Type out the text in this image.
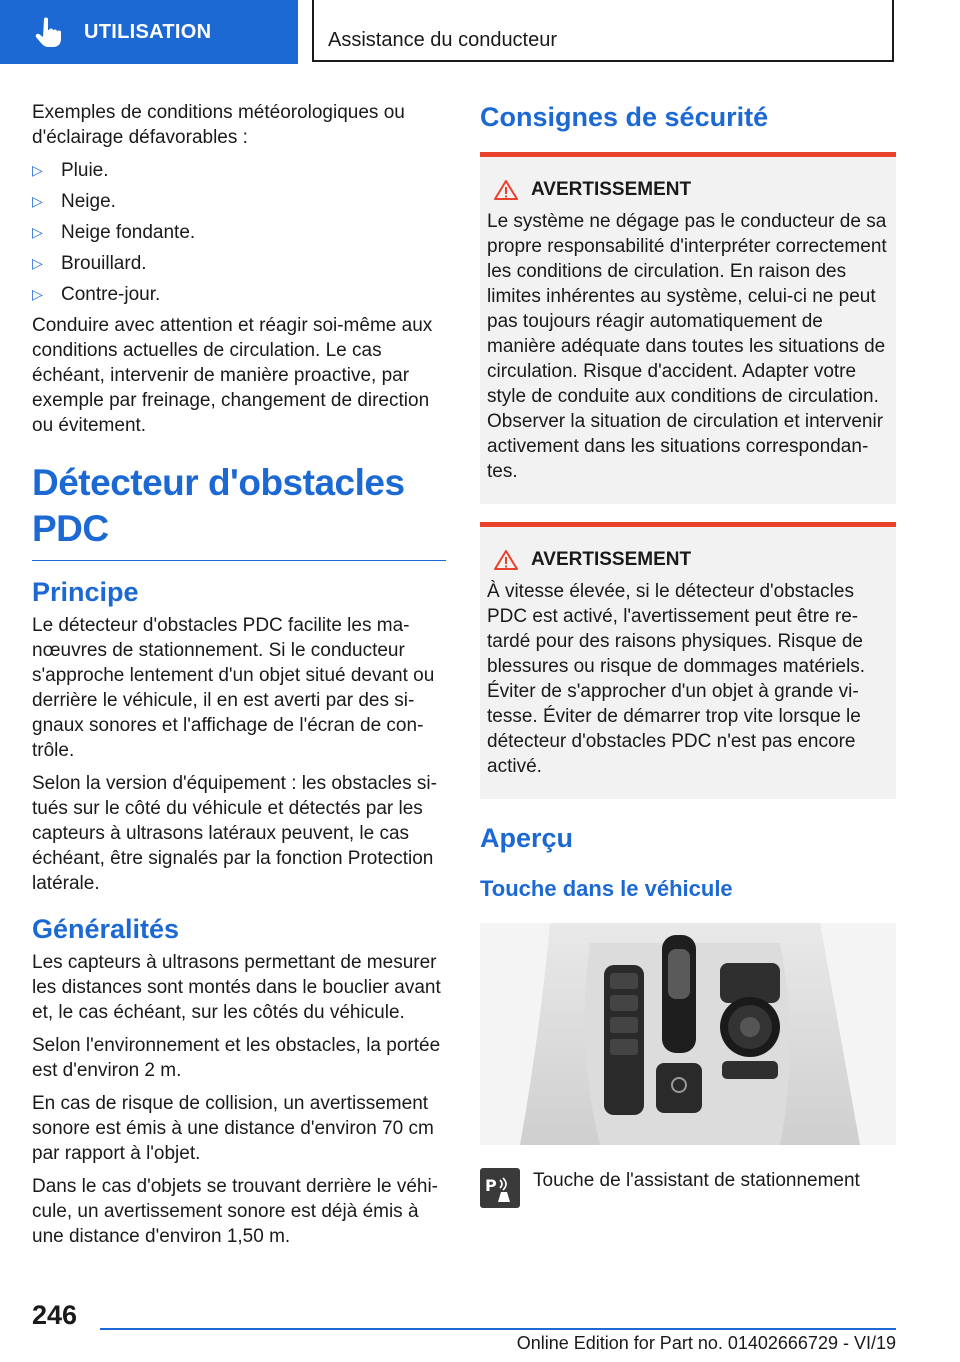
UTILISATION	Assistance du conducteur

Exemples de conditions météorologiques ou d'éclairage défavorables :

▷ Pluie.
▷ Neige.
▷ Neige fondante.
▷ Brouillard.
▷ Contre-jour.

Conduire avec attention et réagir soi-même aux conditions actuelles de circulation. Le cas échéant, intervenir de manière proactive, par exemple par freinage, changement de direction ou évitement.

Détecteur d'obstacles PDC
Principe

Le détecteur d'obstacles PDC facilite les manœuvres de stationnement. Si le conducteur s'approche lentement d'un objet situé devant ou derrière le véhicule, il en est averti par des signaux sonores et l'affichage de l'écran de contrôle.

Selon la version d'équipement : les obstacles situés sur le côté du véhicule et détectés par les capteurs à ultrasons latéraux peuvent, le cas échéant, être signalés par la fonction Protection latérale.

Généralités

Les capteurs à ultrasons permettant de mesurer les distances sont montés dans le bouclier avant et, le cas échéant, sur les côtés du véhicule.

Selon l'environnement et les obstacles, la portée est d'environ 2 m.

En cas de risque de collision, un avertissement sonore est émis à une distance d'environ 70 cm par rapport à l'objet.

Dans le cas d'objets se trouvant derrière le véhicule, un avertissement sonore est déjà émis à une distance d'environ 1,50 m.

Consignes de sécurité
AVERTISSEMENT

Le système ne dégage pas le conducteur de sa propre responsabilité d'interpréter correctement les conditions de circulation. En raison des limites inhérentes au système, celui-ci ne peut pas toujours réagir automatiquement de manière adéquate dans toutes les situations de circulation. Risque d'accident. Adapter votre style de conduite aux conditions de circulation. Observer la situation de circulation et intervenir activement dans les situations correspondantes.

AVERTISSEMENT

À vitesse élevée, si le détecteur d'obstacles PDC est activé, l'avertissement peut être retardé pour des raisons physiques. Risque de blessures ou risque de dommages matériels. Éviter de s'approcher d'un objet à grande vitesse. Éviter de démarrer trop vite lorsque le détecteur d'obstacles PDC n'est pas encore activé.

Aperçu
Touche dans le véhicule
P Touche de l'assistant de stationnement
246
Online Edition for Part no. 01402666729 - VI/19
